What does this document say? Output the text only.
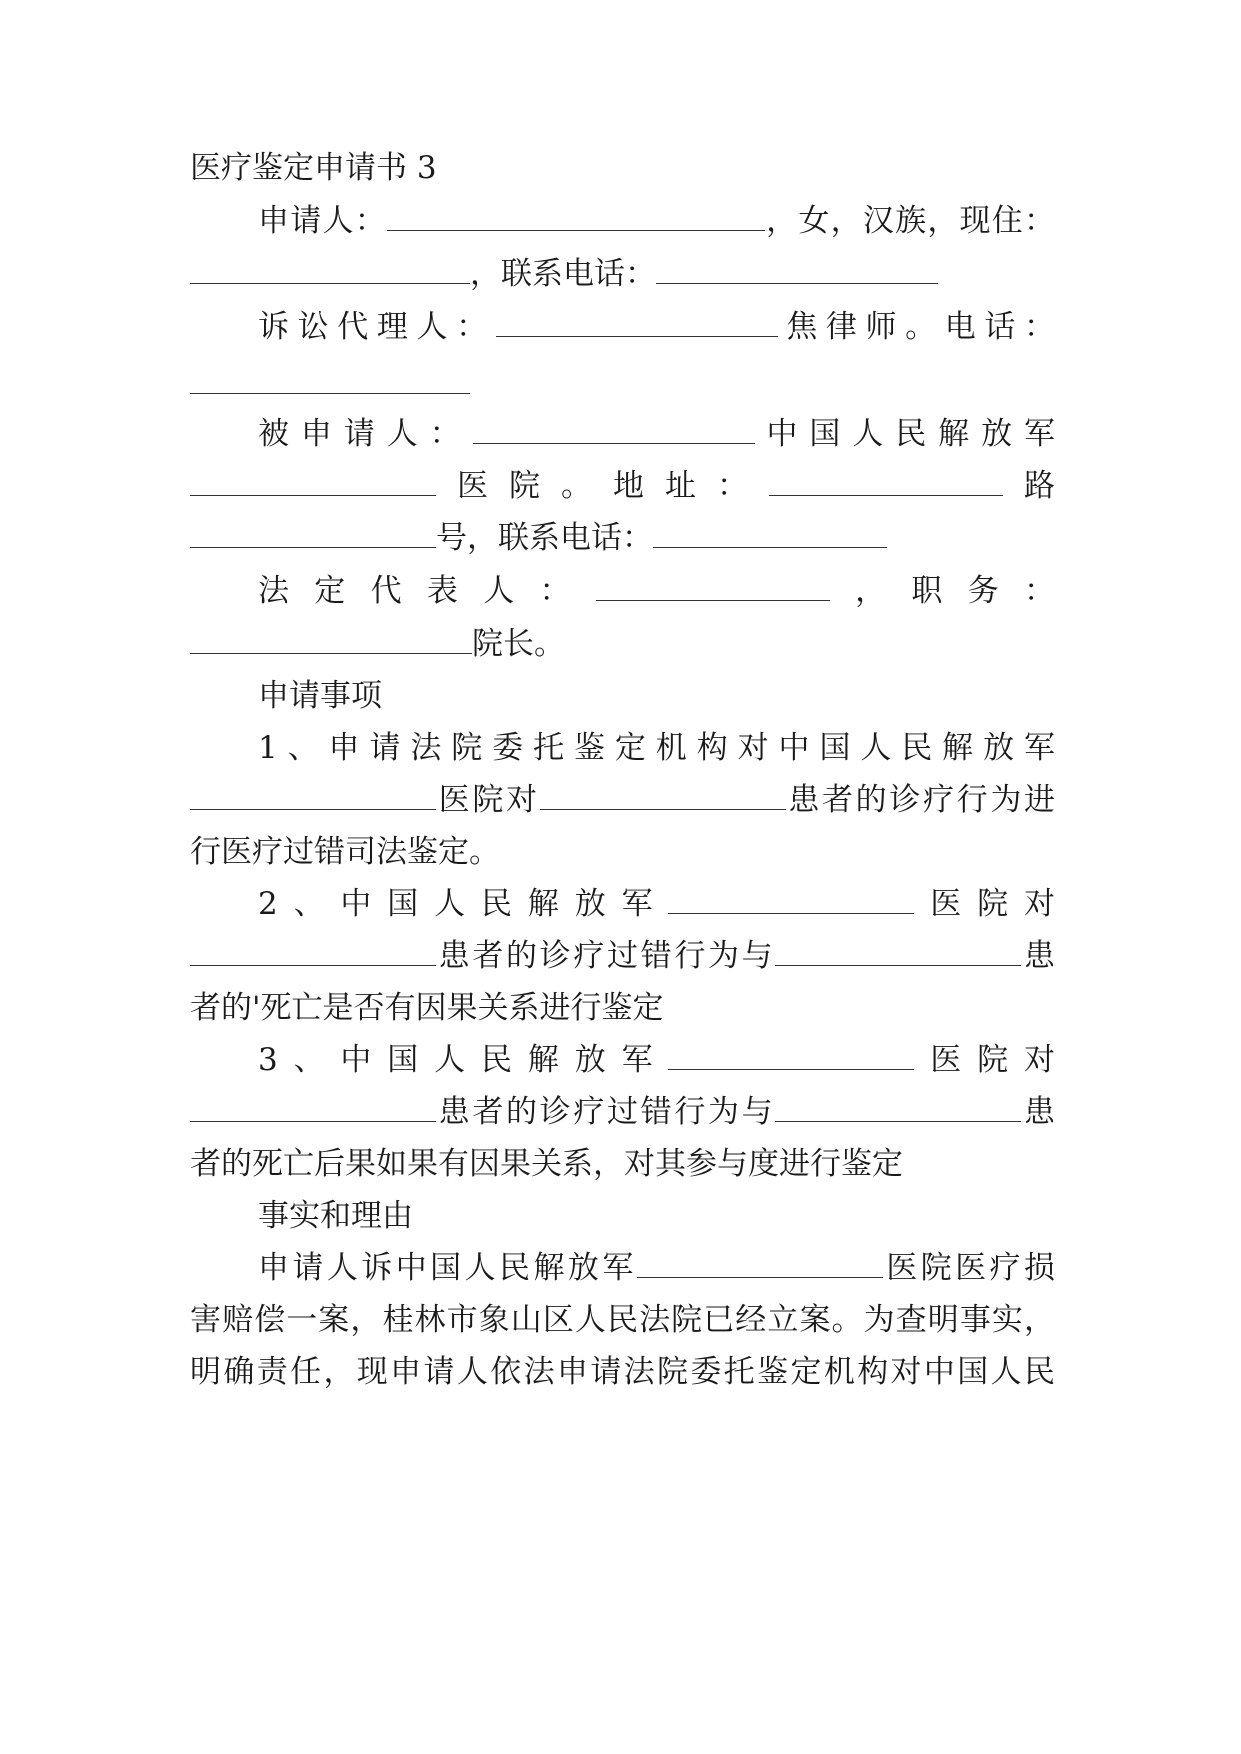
医疗鉴定申请书 3

申请人：	，女，汉族，现住：

，联系电话：

诉讼代理人：	焦律师。电话：

被申请人：	中国人民解放军

医院。地址：	路

号，联系电话：

法定代表人：	，职务：

院长。

申请事项

1、申请法院委托鉴定机构对中国人民解放军

医院对	患者的诊疗行为进

行医疗过错司法鉴定。

2、中国人民解放军	医院对

患者的诊疗过错行为与	患

者的'死亡是否有因果关系进行鉴定

3、中国人民解放军	医院对

患者的诊疗过错行为与	患

者的死亡后果如果有因果关系，对其参与度进行鉴定

事实和理由

申请人诉中国人民解放军	医院医疗损

害赔偿一案，桂林市象山区人民法院已经立案。为查明事实，

明确责任，现申请人依法申请法院委托鉴定机构对中国人民
